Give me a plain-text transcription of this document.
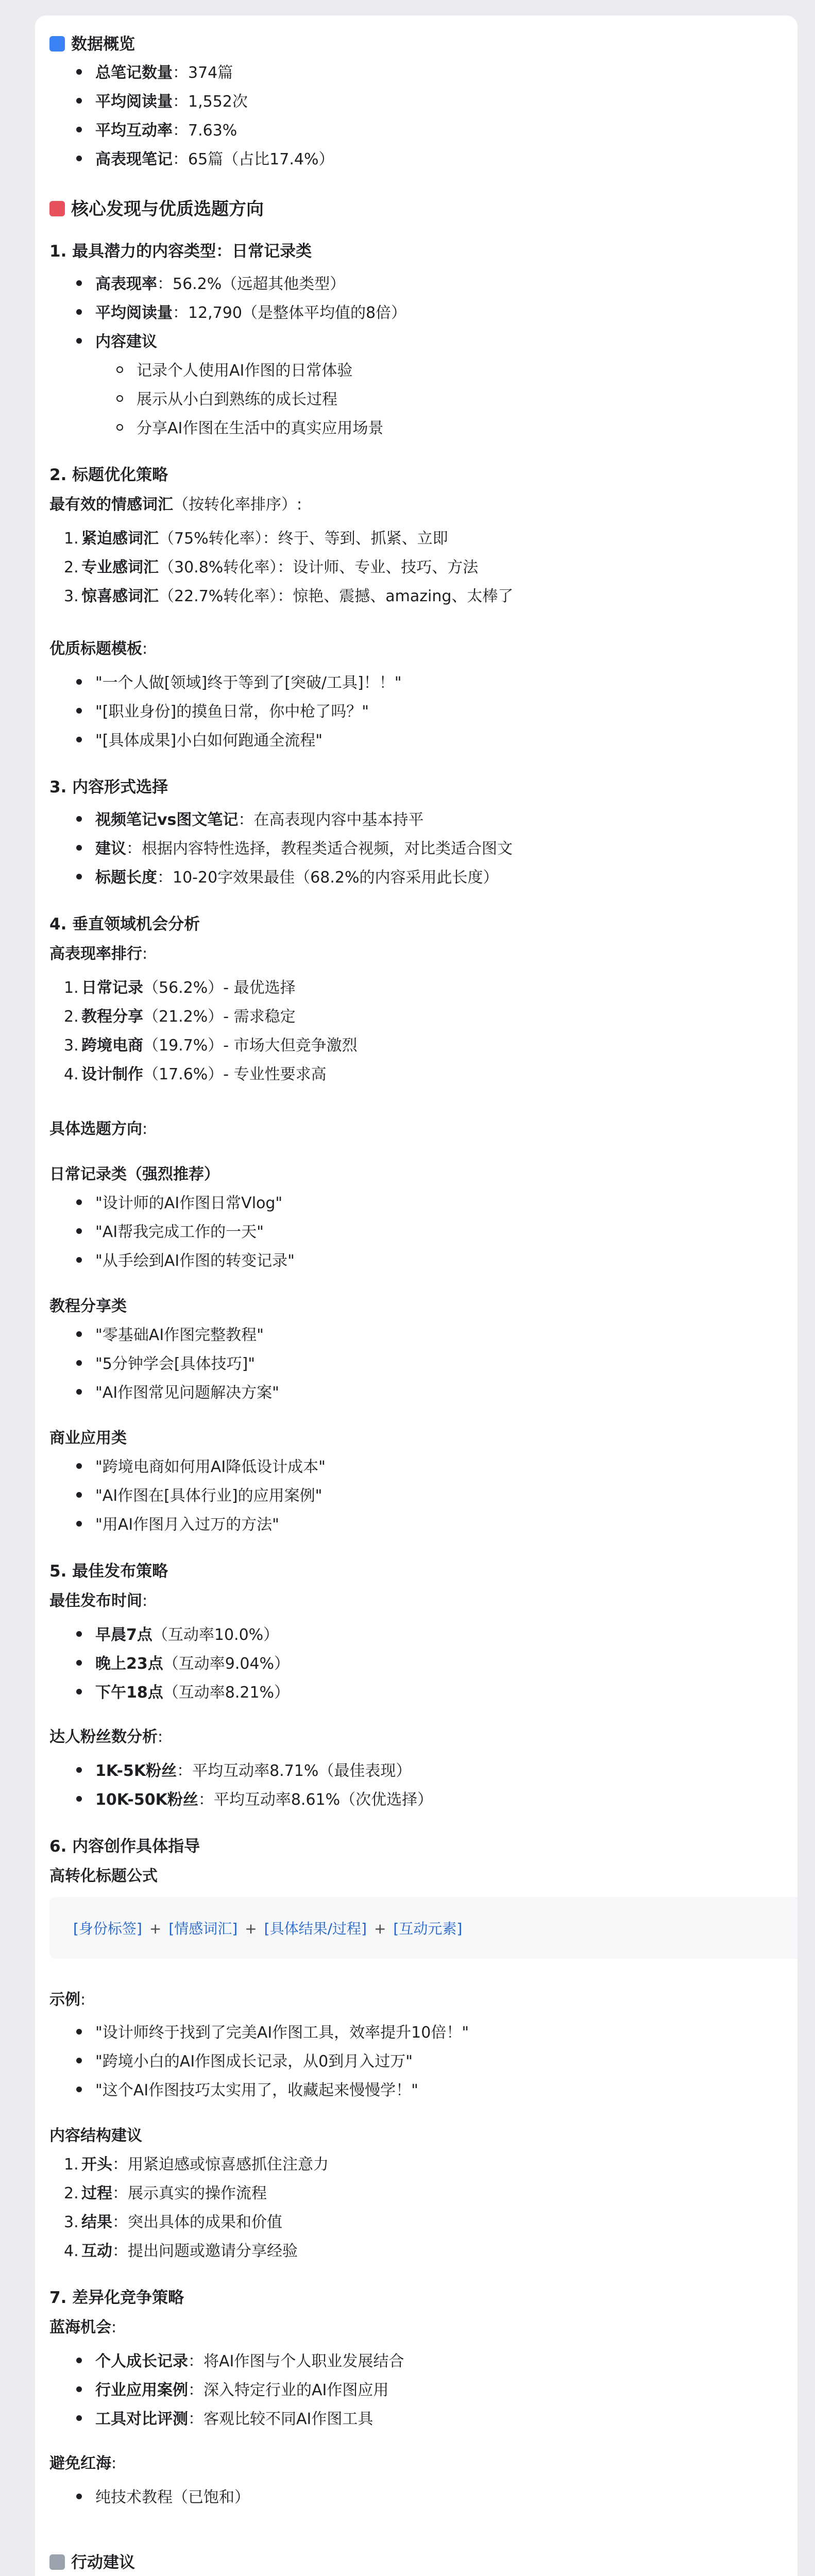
数据概览
总笔记数量：374篇
平均阅读量：1,552次
平均互动率：7.63%
高表现笔记：65篇（占比17.4%）
核心发现与优质选题方向
1. 最具潜力的内容类型：日常记录类
高表现率：56.2%（远超其他类型）
平均阅读量：12,790（是整体平均值的8倍）
内容建议
记录个人使用AI作图的日常体验
展示从小白到熟练的成长过程
分享AI作图在生活中的真实应用场景
2. 标题优化策略
最有效的情感词汇（按转化率排序）:
1. 紧迫感词汇（75%转化率）：终于、等到、抓紧、立即
2. 专业感词汇（30.8%转化率）：设计师、专业、技巧、方法
3. 惊喜感词汇（22.7%转化率）：惊艳、震撼、amazing、太棒了
优质标题模板:
"一个人做[领域]终于等到了[突破/工具]！！"
"[职业身份]的摸鱼日常，你中枪了吗？"
"[具体成果]小白如何跑通全流程"
3. 内容形式选择
视频笔记vs图文笔记：在高表现内容中基本持平
建议：根据内容特性选择，教程类适合视频，对比类适合图文
标题长度：10-20字效果最佳（68.2%的内容采用此长度）
4. 垂直领域机会分析
高表现率排行:
1. 日常记录（56.2%）- 最优选择
2. 教程分享（21.2%）- 需求稳定
3. 跨境电商（19.7%）- 市场大但竞争激烈
4. 设计制作（17.6%）- 专业性要求高
具体选题方向:
日常记录类（强烈推荐）
"设计师的AI作图日常Vlog"
"AI帮我完成工作的一天"
"从手绘到AI作图的转变记录"
教程分享类
"零基础AI作图完整教程"
"5分钟学会[具体技巧]"
"AI作图常见问题解决方案"
商业应用类
"跨境电商如何用AI降低设计成本"
"AI作图在[具体行业]的应用案例"
"用AI作图月入过万的方法"
5. 最佳发布策略
最佳发布时间:
早晨7点（互动率10.0%）
晚上23点（互动率9.04%）
下午18点（互动率8.21%）
达人粉丝数分析:
1K-5K粉丝：平均互动率8.71%（最佳表现）
10K-50K粉丝：平均互动率8.61%（次优选择）
6. 内容创作具体指导
高转化标题公式
[身份标签] + [情感词汇] + [具体结果/过程] + [互动元素]
示例:
"设计师终于找到了完美AI作图工具，效率提升10倍！"
"跨境小白的AI作图成长记录，从0到月入过万"
"这个AI作图技巧太实用了，收藏起来慢慢学！"
内容结构建议
1. 开头：用紧迫感或惊喜感抓住注意力
2. 过程：展示真实的操作流程
3. 结果：突出具体的成果和价值
4. 互动：提出问题或邀请分享经验
7. 差异化竞争策略
蓝海机会:
个人成长记录：将AI作图与个人职业发展结合
行业应用案例：深入特定行业的AI作图应用
工具对比评测：客观比较不同AI作图工具
避免红海:
纯技术教程（已饱和）
行动建议
